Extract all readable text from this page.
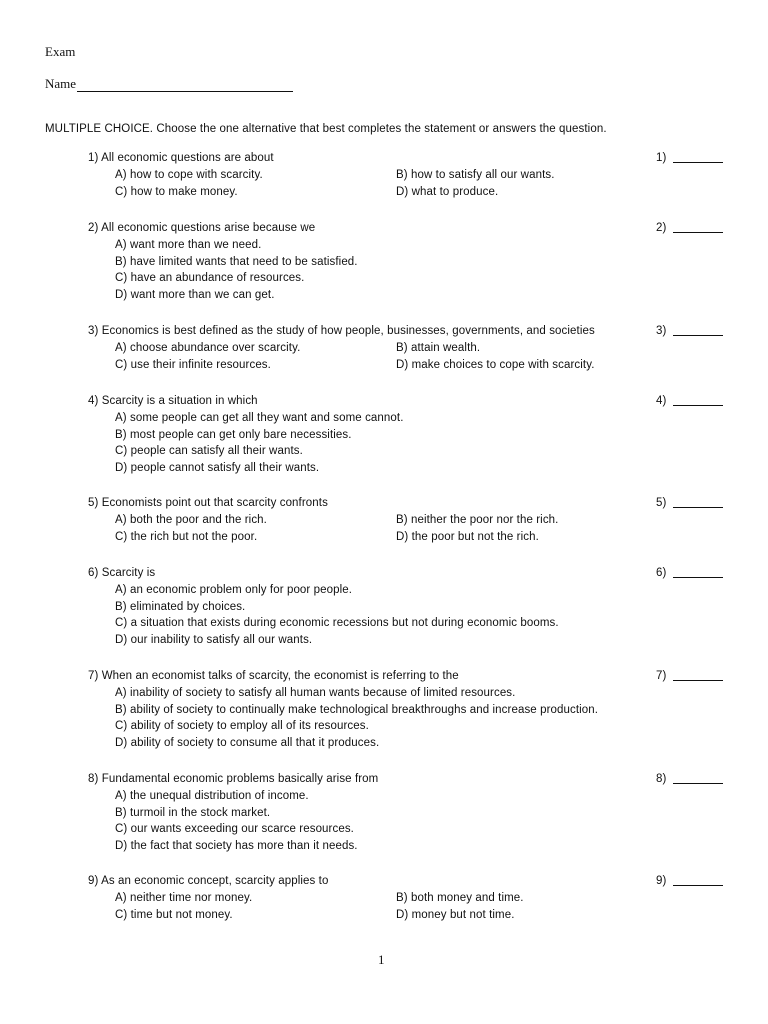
Exam
Name
MULTIPLE CHOICE. Choose the one alternative that best completes the statement or answers the question.
1) All economic questions are about	1)
A) how to cope with scarcity.	B) how to satisfy all our wants.
C) how to make money.	D) what to produce.
2) All economic questions arise because we	2)
A) want more than we need.
B) have limited wants that need to be satisfied.
C) have an abundance of resources.
D) want more than we can get.
3) Economics is best defined as the study of how people, businesses, governments, and societies	3)
A) choose abundance over scarcity.	B) attain wealth.
C) use their infinite resources.	D) make choices to cope with scarcity.
4) Scarcity is a situation in which	4)
A) some people can get all they want and some cannot.
B) most people can get only bare necessities.
C) people can satisfy all their wants.
D) people cannot satisfy all their wants.
5) Economists point out that scarcity confronts	5)
A) both the poor and the rich.	B) neither the poor nor the rich.
C) the rich but not the poor.	D) the poor but not the rich.
6) Scarcity is	6)
A) an economic problem only for poor people.
B) eliminated by choices.
C) a situation that exists during economic recessions but not during economic booms.
D) our inability to satisfy all our wants.
7) When an economist talks of scarcity, the economist is referring to the	7)
A) inability of society to satisfy all human wants because of limited resources.
B) ability of society to continually make technological breakthroughs and increase production.
C) ability of society to employ all of its resources.
D) ability of society to consume all that it produces.
8) Fundamental economic problems basically arise from	8)
A) the unequal distribution of income.
B) turmoil in the stock market.
C) our wants exceeding our scarce resources.
D) the fact that society has more than it needs.
9) As an economic concept, scarcity applies to	9)
A) neither time nor money.	B) both money and time.
C) time but not money.	D) money but not time.
1
